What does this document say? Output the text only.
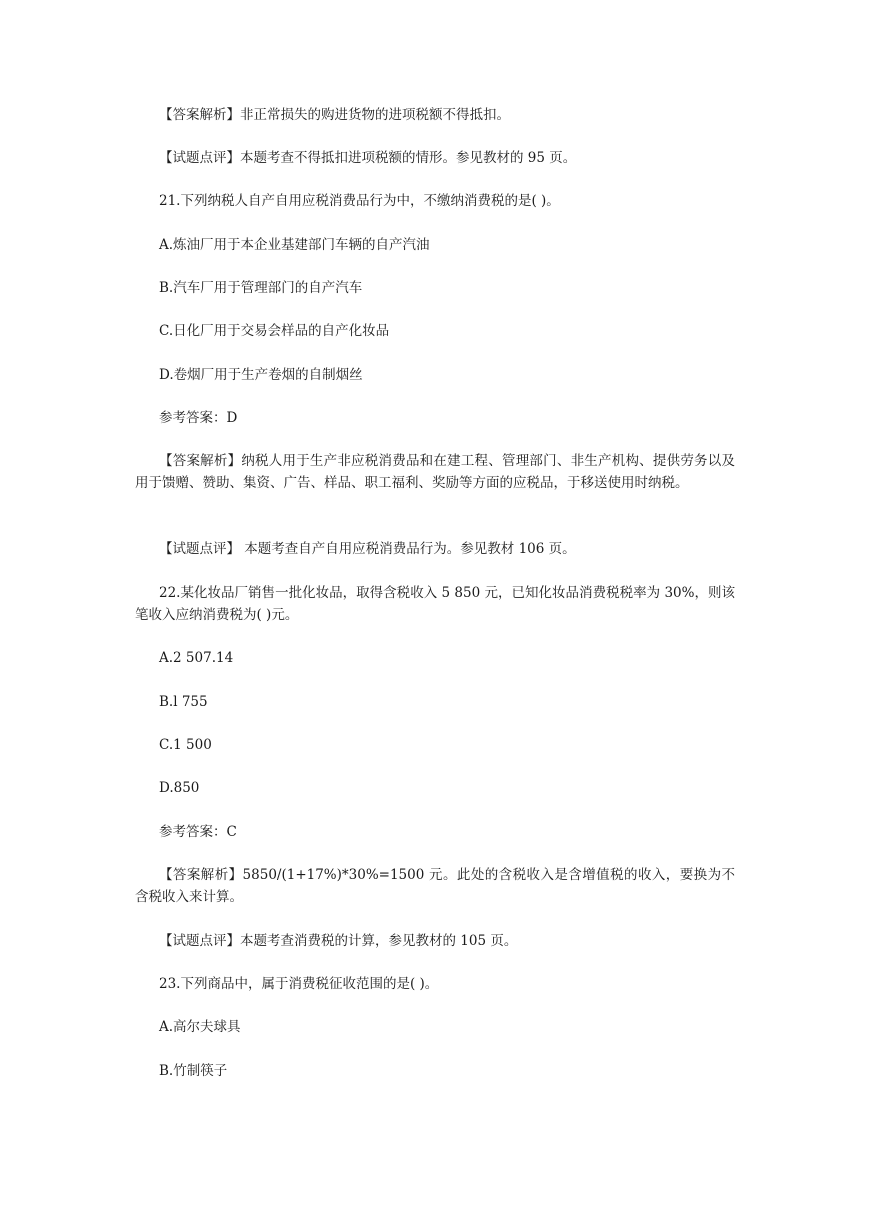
【答案解析】非正常损失的购进货物的进项税额不得抵扣。
【试题点评】本题考查不得抵扣进项税额的情形。参见教材的 95 页。
21.下列纳税人自产自用应税消费品行为中，不缴纳消费税的是( )。
A.炼油厂用于本企业基建部门车辆的自产汽油
B.汽车厂用于管理部门的自产汽车
C.日化厂用于交易会样品的自产化妆品
D.卷烟厂用于生产卷烟的自制烟丝
参考答案：D
【答案解析】纳税人用于生产非应税消费品和在建工程、管理部门、非生产机构、提供劳务以及用于馈赠、赞助、集资、广告、样品、职工福利、奖励等方面的应税品，于移送使用时纳税。
【试题点评】 本题考查自产自用应税消费品行为。参见教材 106 页。
22.某化妆品厂销售一批化妆品，取得含税收入 5 850 元，已知化妆品消费税税率为 30%，则该笔收入应纳消费税为( )元。
A.2 507.14
B.l 755
C.1 500
D.850
参考答案：C
【答案解析】5850/(1+17%)*30%=1500 元。此处的含税收入是含增值税的收入，要换为不含税收入来计算。
【试题点评】本题考查消费税的计算，参见教材的 105 页。
23.下列商品中，属于消费税征收范围的是( )。
A.高尔夫球具
B.竹制筷子
